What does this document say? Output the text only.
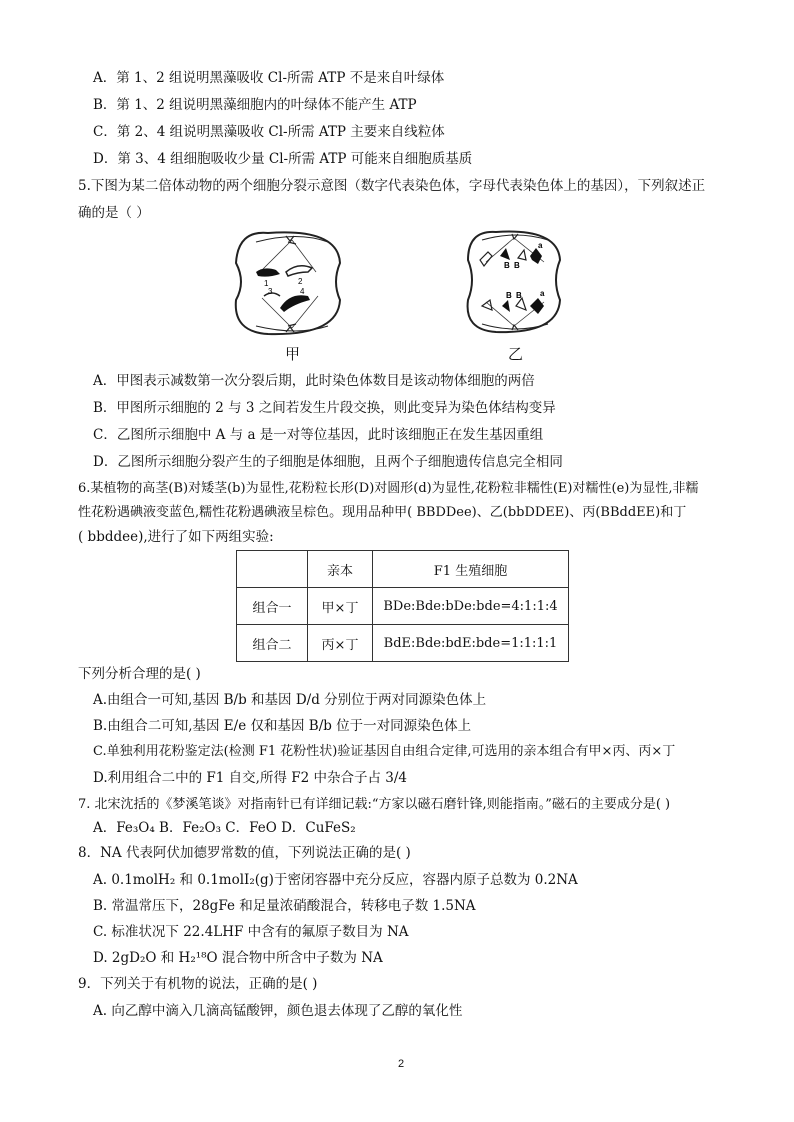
A．第 1、2 组说明黑藻吸收 Cl-所需 ATP 不是来自叶绿体
B．第 1、2 组说明黑藻细胞内的叶绿体不能产生 ATP
C．第 2、4 组说明黑藻吸收 Cl-所需 ATP 主要来自线粒体
D．第 3、4 组细胞吸收少量 Cl-所需 ATP 可能来自细胞质基质
5.下图为某二倍体动物的两个细胞分裂示意图（数字代表染色体，字母代表染色体上的基因），下列叙述正
确的是（ ）
1	2
3	4
甲
B B
a
B B a
乙
A．甲图表示减数第一次分裂后期，此时染色体数目是该动物体细胞的两倍
B．甲图所示细胞的 2 与 3 之间若发生片段交换，则此变异为染色体结构变异
C．乙图所示细胞中 A 与 a 是一对等位基因，此时该细胞正在发生基因重组
D．乙图所示细胞分裂产生的子细胞是体细胞，且两个子细胞遗传信息完全相同
6.某植物的高茎(B)对矮茎(b)为显性,花粉粒长形(D)对圆形(d)为显性,花粉粒非糯性(E)对糯性(e)为显性,非糯
性花粉遇碘液变蓝色,糯性花粉遇碘液呈棕色。现用品种甲( BBDDee)、乙(bbDDEE)、丙(BBddEE)和丁
( bbddee),进行了如下两组实验:
	亲本	F1 生殖细胞
组合一	甲×丁	BDe:Bde:bDe:bde=4:1:1:4
组合二	丙×丁	BdE:Bde:bdE:bde=1:1:1:1
下列分析合理的是( )
A.由组合一可知,基因 B/b 和基因 D/d 分别位于两对同源染色体上
B.由组合二可知,基因 E/e 仅和基因 B/b 位于一对同源染色体上
C.单独利用花粉鉴定法(检测 F1 花粉性状)验证基因自由组合定律,可选用的亲本组合有甲×丙、丙×丁
D.利用组合二中的 F1 自交,所得 F2 中杂合子占 3/4
7. 北宋沈括的《梦溪笔谈》对指南针已有详细记载:“方家以磁石磨针锋,则能指南。”磁石的主要成分是( )
A．Fe₃O₄ B．Fe₂O₃ C．FeO D．CuFeS₂
8．NA 代表阿伏加德罗常数的值，下列说法正确的是( )
A. 0.1molH₂ 和 0.1molI₂(g)于密闭容器中充分反应，容器内原子总数为 0.2NA
B. 常温常压下，28gFe 和足量浓硝酸混合，转移电子数 1.5NA
C. 标准状况下 22.4LHF 中含有的氟原子数目为 NA
D. 2gD₂O 和 H₂¹⁸O 混合物中所含中子数为 NA
9．下列关于有机物的说法，正确的是( )
A. 向乙醇中滴入几滴高锰酸钾，颜色退去体现了乙醇的氧化性
2
